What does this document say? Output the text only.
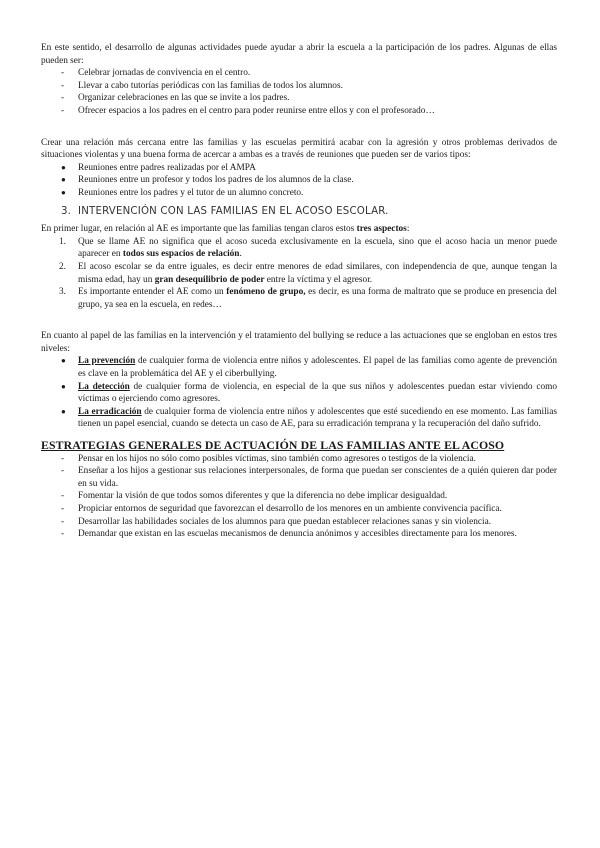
En este sentido, el desarrollo de algunas actividades puede ayudar a abrir la escuela a la participación de los padres. Algunas de ellas pueden ser:

- Celebrar jornadas de convivencia en el centro.
- Llevar a cabo tutorías periódicas con las familias de todos los alumnos.
- Organizar celebraciones en las que se invite a los padres.
- Ofrecer espacios a los padres en el centro para poder reunirse entre ellos y con el profesorado…

Crear una relación más cercana entre las familias y las escuelas permitirá acabar con la agresión y otros problemas derivados de situaciones violentas y una buena forma de acercar a ambas es a través de reuniones que pueden ser de varios tipos:

● Reuniones entre padres realizadas por el AMPA
● Reuniones entre un profesor y todos los padres de los alumnos de la clase.
● Reuniones entre los padres y el tutor de un alumno concreto.
3. INTERVENCIÓN CON LAS FAMILIAS EN EL ACOSO ESCOLAR.

En primer lugar, en relación al AE es importante que las familias tengan claros estos tres aspectos:

1. Que se llame AE no significa que el acoso suceda exclusivamente en la escuela, sino que el acoso hacia un menor puede aparecer en todos sus espacios de relación.
2. El acoso escolar se da entre iguales, es decir entre menores de edad similares, con independencia de que, aunque tengan la misma edad, hay un gran desequilibrio de poder entre la víctima y el agresor.
3. Es importante entender el AE como un fenómeno de grupo, es decir, es una forma de maltrato que se produce en presencia del grupo, ya sea en la escuela, en redes…

En cuanto al papel de las familias en la intervención y el tratamiento del bullying se reduce a las actuaciones que se engloban en estos tres niveles:

● La prevención de cualquier forma de violencia entre niños y adolescentes. El papel de las familias como agente de prevención es clave en la problemática del AE y el ciberbullying.
● La detección de cualquier forma de violencia, en especial de la que sus niños y adolescentes puedan estar viviendo como víctimas o ejerciendo como agresores.
● La erradicación de cualquier forma de violencia entre niños y adolescentes que esté sucediendo en ese momento. Las familias tienen un papel esencial, cuando se detecta un caso de AE, para su erradicación temprana y la recuperación del daño sufrido.
ESTRATEGIAS GENERALES DE ACTUACIÓN DE LAS FAMILIAS ANTE EL ACOSO
- Pensar en los hijos no sólo como posibles víctimas, sino también como agresores o testigos de la violencia.
- Enseñar a los hijos a gestionar sus relaciones interpersonales, de forma que puedan ser conscientes de a quién quieren dar poder en su vida.
- Fomentar la visión de que todos somos diferentes y que la diferencia no debe implicar desigualdad.
- Propiciar entornos de seguridad que favorezcan el desarrollo de los menores en un ambiente convivencia pacífica.
- Desarrollar las habilidades sociales de los alumnos para que puedan establecer relaciones sanas y sin violencia.
- Demandar que existan en las escuelas mecanismos de denuncia anónimos y accesibles directamente para los menores.
